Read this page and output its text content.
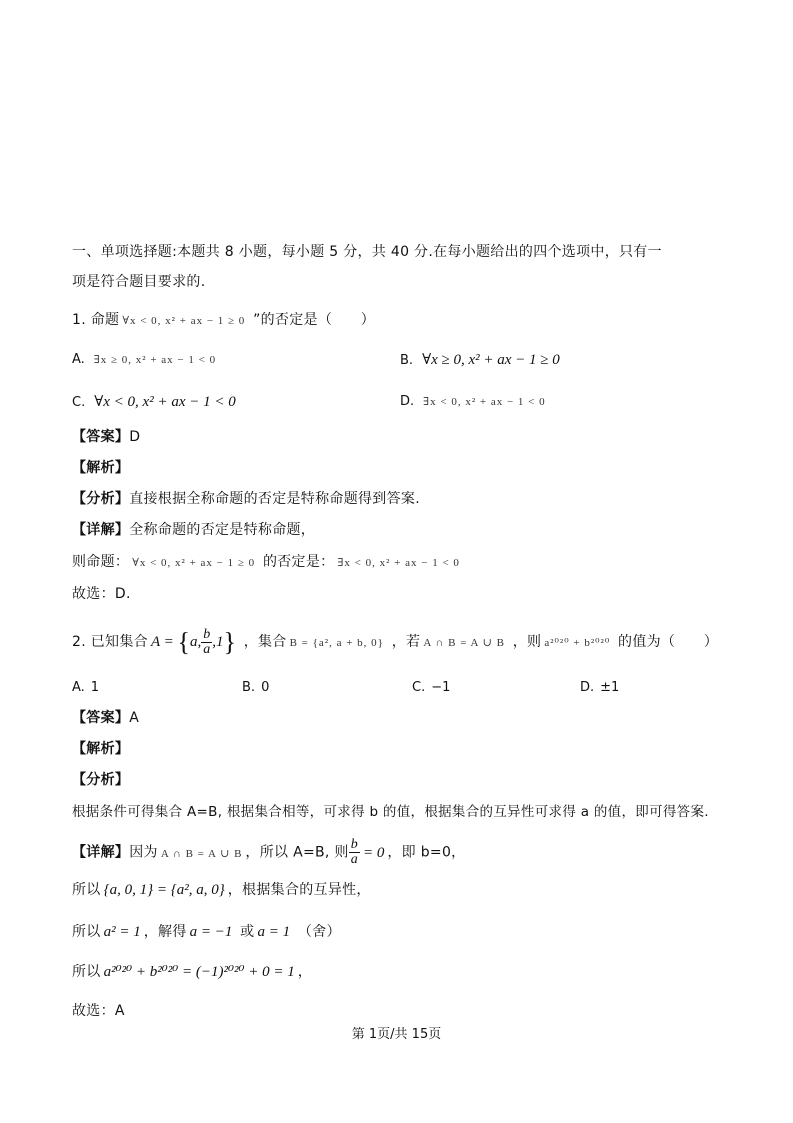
一、单项选择题:本题共 8 小题，每小题 5 分，共 40 分.在每小题给出的四个选项中，只有一
项是符合题目要求的.
1. 命题 ∀x < 0, x² + ax − 1 ≥ 0 ”的否定是（　　）
A. ∃x ≥ 0, x² + ax − 1 < 0	B. ∀x ≥ 0, x² + ax − 1 ≥ 0
C. ∀x < 0, x² + ax − 1 < 0	D. ∃x < 0, x² + ax − 1 < 0
【答案】D
【解析】
【分析】直接根据全称命题的否定是特称命题得到答案.
【详解】全称命题的否定是特称命题，
则命题： ∀x < 0, x² + ax − 1 ≥ 0 的否定是： ∃x < 0, x² + ax − 1 < 0
故选：D.
2. 已知集合 A = {a, $\frac{b}{a} ,1$} ，集合 B = {a², a + b, 0} ，若 A ∩ B = A ∪ B ，则 a²⁰²⁰ + b²⁰²⁰ 的值为（　　）
A. 1	B. 0	C. −1	D. ±1
【答案】A
【解析】
【分析】
根据条件可得集合 A=B, 根据集合相等，可求得 b 的值，根据集合的互异性可求得 a 的值，即可得答案.
【详解】因为 A ∩ B = A ∪ B ，所以 A=B, 则 $\frac{b}{a} = 0$ ，即 b=0，
所以 {a, 0, 1} = {a², a, 0} ，根据集合的互异性，
所以 a² = 1 ，解得 a = −1 或 a = 1 （舍）
所以 a²⁰²⁰ + b²⁰²⁰ = (−1)²⁰²⁰ + 0 = 1 ，
故选：A
第 1页/共 15页
